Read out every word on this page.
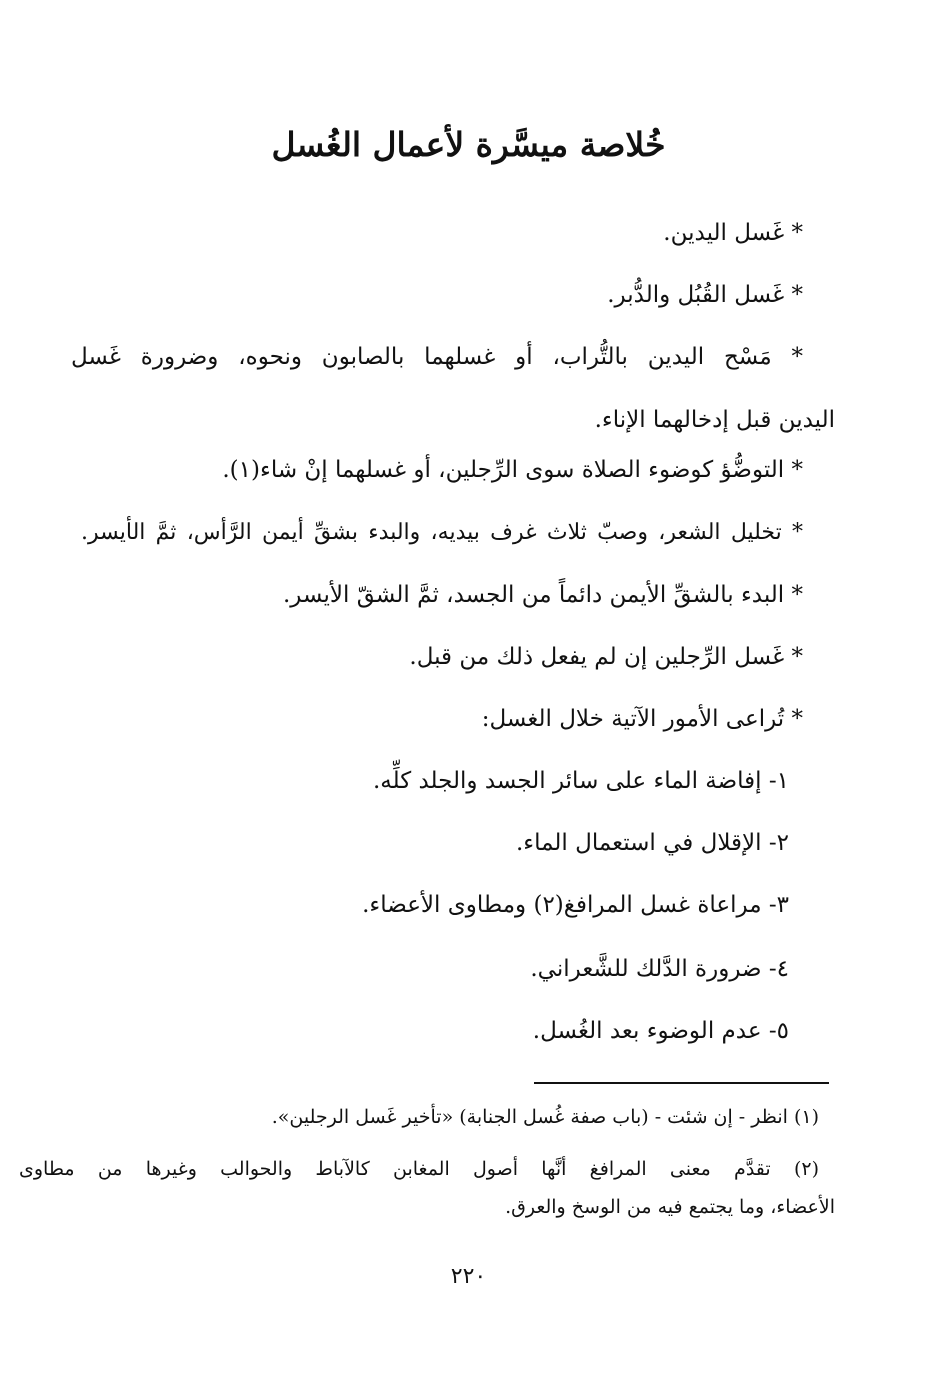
خُلاصة ميسَّرة لأعمال الغُسل
* غَسل اليدين.
* غَسل القُبُل والدُّبر.
* مَسْح اليدين بالتُّراب، أو غسلهما بالصابون ونحوه، وضرورة غَسل
اليدين قبل إدخالهما الإناء.
* التوضُّؤ كوضوء الصلاة سوى الرِّجلين، أو غسلهما إنْ شاء(١).
* تخليل الشعر، وصبّ ثلاث غرف بيديه، والبدء بشقِّ أيمن الرَّأس، ثمَّ الأيسر.
* البدء بالشقِّ الأيمن دائماً من الجسد، ثمَّ الشقّ الأيسر.
* غَسل الرِّجلين إن لم يفعل ذلك من قبل.
* تُراعى الأمور الآتية خلال الغسل:
١- إفاضة الماء على سائر الجسد والجلد كلِّه.
٢- الإقلال في استعمال الماء.
٣- مراعاة غسل المرافغ(٢) ومطاوى الأعضاء.
٤- ضرورة الدَّلك للشَّعراني.
٥- عدم الوضوء بعد الغُسل.
(١) انظر - إن شئت - (باب صفة غُسل الجنابة) «تأخير غَسل الرجلين».
(٢) تقدَّم معنى المرافغ أنَّها أصول المغابن كالآباط والحوالب وغيرها من مطاوى
الأعضاء، وما يجتمع فيه من الوسخ والعرق.
٢٢٠
